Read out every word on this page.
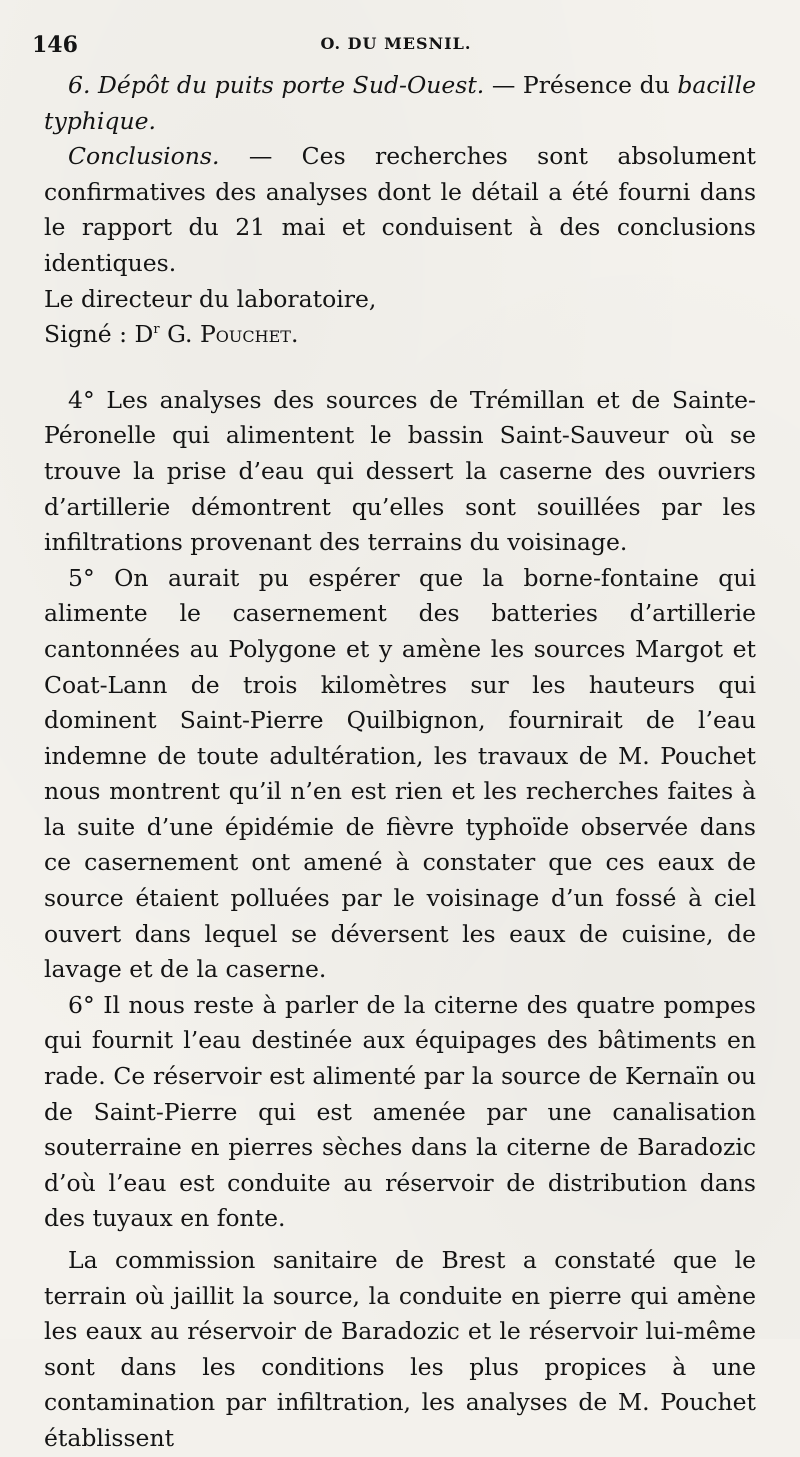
146	O. DU MESNIL.

6. Dépôt du puits porte Sud-Ouest. — Présence du bacille typhique.

Conclusions. — Ces recherches sont absolument confirmatives des analyses dont le détail a été fourni dans le rapport du 21 mai et conduisent à des conclusions identiques.

Le directeur du laboratoire,

Signé : $D^r$ G. Pouchet.

4° Les analyses des sources de Trémillan et de Sainte-Péronelle qui alimentent le bassin Saint-Sauveur où se trouve la prise d’eau qui dessert la caserne des ouvriers d’artillerie démontrent qu’elles sont souillées par les infiltrations provenant des terrains du voisinage.

5° On aurait pu espérer que la borne-fontaine qui alimente le casernement des batteries d’artillerie cantonnées au Polygone et y amène les sources Margot et Coat-Lann de trois kilomètres sur les hauteurs qui dominent Saint-Pierre Quilbignon, fournirait de l’eau indemne de toute adultération, les travaux de M. Pouchet nous montrent qu’il n’en est rien et les recherches faites à la suite d’une épidémie de fièvre typhoïde observée dans ce casernement ont amené à constater que ces eaux de source étaient polluées par le voisinage d’un fossé à ciel ouvert dans lequel se déversent les eaux de cuisine, de lavage et de la caserne.

6° Il nous reste à parler de la citerne des quatre pompes qui fournit l’eau destinée aux équipages des bâtiments en rade. Ce réservoir est alimenté par la source de Kernaïn ou de Saint-Pierre qui est amenée par une canalisation souterraine en pierres sèches dans la citerne de Baradozic d’où l’eau est conduite au réservoir de distribution dans des tuyaux en fonte.

La commission sanitaire de Brest a constaté que le terrain où jaillit la source, la conduite en pierre qui amène les eaux au réservoir de Baradozic et le réservoir lui-même sont dans les conditions les plus propices à une contamination par infiltration, les analyses de M. Pouchet établissent
